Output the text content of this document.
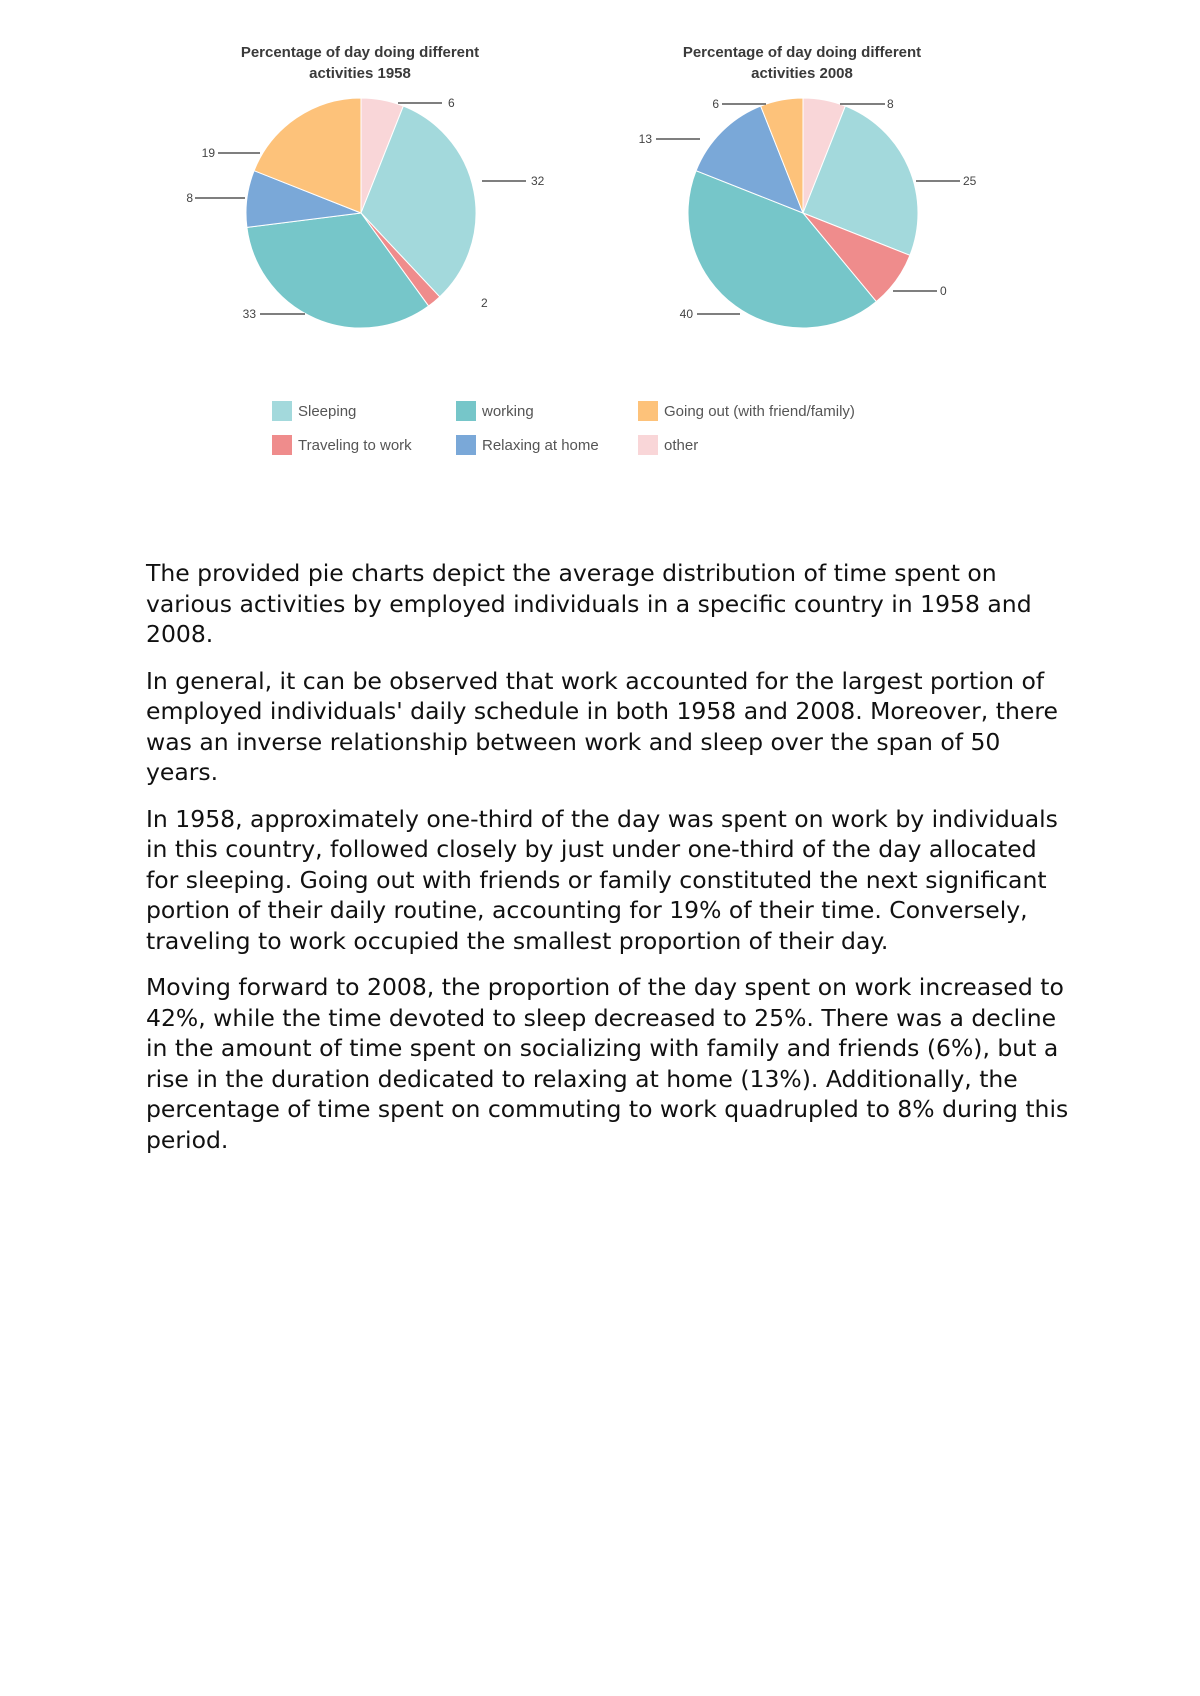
Percentage of day doing different
activities 1958
Percentage of day doing different
activities 2008
6
32
2
33
8
19
8
25
0
40
13
6
Sleeping	working	Going out (with friend/family)
Traveling to work	Relaxing at home	other

The provided pie charts depict the average distribution of time spent on various activities by employed individuals in a specific country in 1958 and 2008.

In general, it can be observed that work accounted for the largest portion of employed individuals' daily schedule in both 1958 and 2008. Moreover, there was an inverse relationship between work and sleep over the span of 50 years.

In 1958, approximately one-third of the day was spent on work by individuals in this country, followed closely by just under one-third of the day allocated for sleeping. Going out with friends or family constituted the next significant portion of their daily routine, accounting for 19% of their time. Conversely, traveling to work occupied the smallest proportion of their day.

Moving forward to 2008, the proportion of the day spent on work increased to 42%, while the time devoted to sleep decreased to 25%. There was a decline in the amount of time spent on socializing with family and friends (6%), but a rise in the duration dedicated to relaxing at home (13%). Additionally, the percentage of time spent on commuting to work quadrupled to 8% during this period.
